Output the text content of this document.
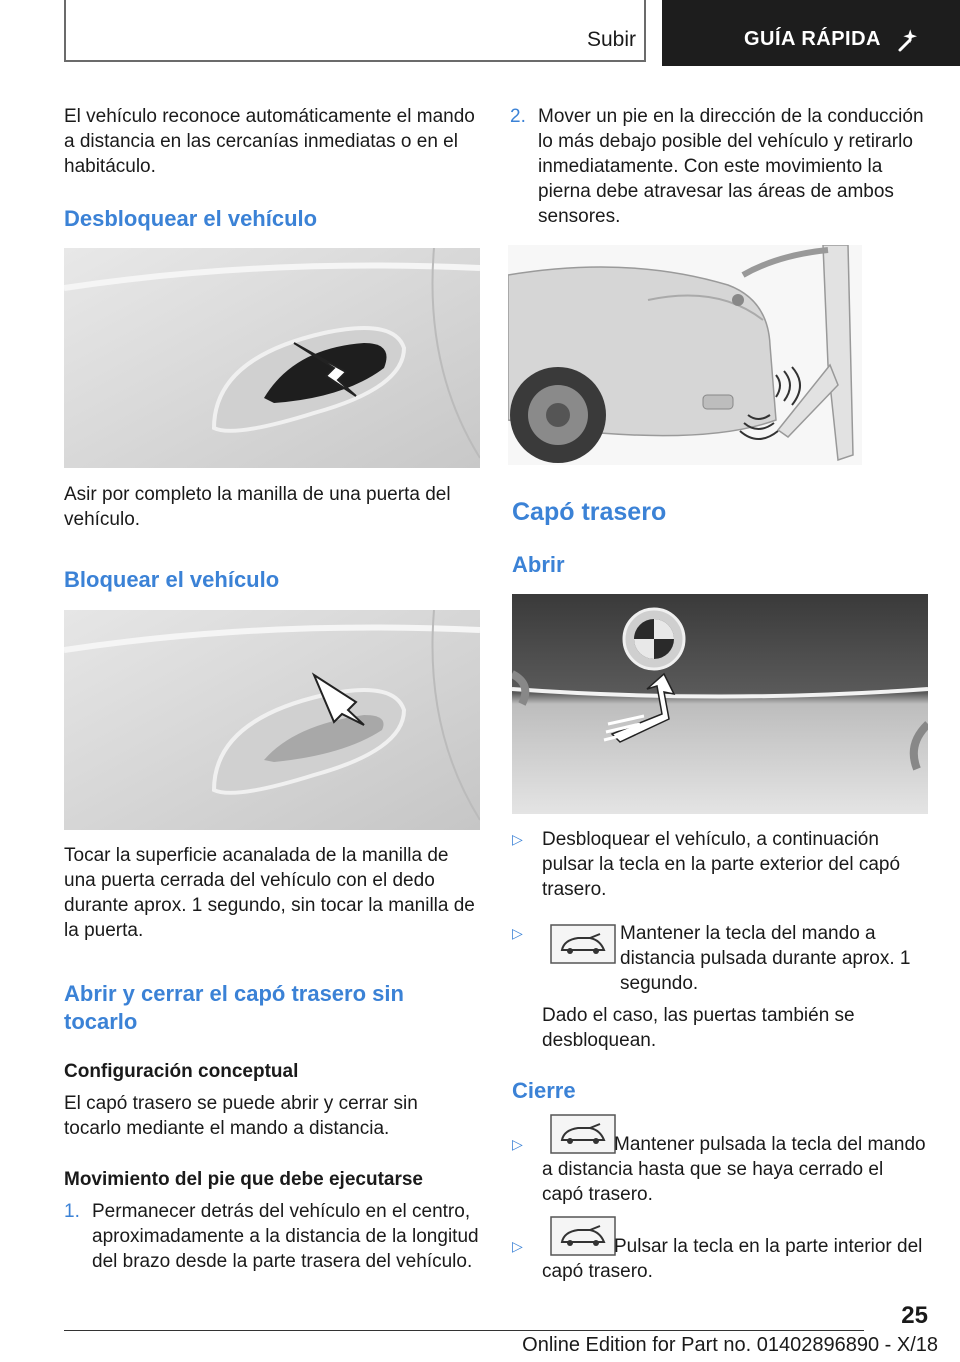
Subir	GUÍA RÁPIDA

El vehículo reconoce automáticamente el mando a distancia en las cercanías inmediatas o en el habitáculo.

Desbloquear el vehículo

Asir por completo la manilla de una puerta del vehículo.

Bloquear el vehículo

Tocar la superficie acanalada de la manilla de una puerta cerrada del vehículo con el dedo durante aprox. 1 segundo, sin tocar la manilla de la puerta.

Abrir y cerrar el capó trasero sin tocarlo
Configuración conceptual

El capó trasero se puede abrir y cerrar sin tocarlo mediante el mando a distancia.

Movimiento del pie que debe ejecutarse
1. Permanecer detrás del vehículo en el centro, aproximadamente a la distancia de la longitud del brazo desde la parte trasera del vehículo.
2. Mover un pie en la dirección de la conducción lo más debajo posible del vehículo y retirarlo inmediatamente. Con este movimiento la pierna debe atravesar las áreas de ambos sensores.
Capó trasero
Abrir
▷ Desbloquear el vehículo, a continuación pulsar la tecla en la parte exterior del capó trasero.

▷	Mantener la tecla del mando a distancia pulsada durante aprox. 1 segundo.

Dado el caso, las puertas también se desbloquean.

Cierre
▷	Mantener pulsada la tecla del mando a distancia hasta que se haya cerrado el capó trasero.

▷	Pulsar la tecla en la parte interior del capó trasero.

25
Online Edition for Part no. 01402896890 - X/18
